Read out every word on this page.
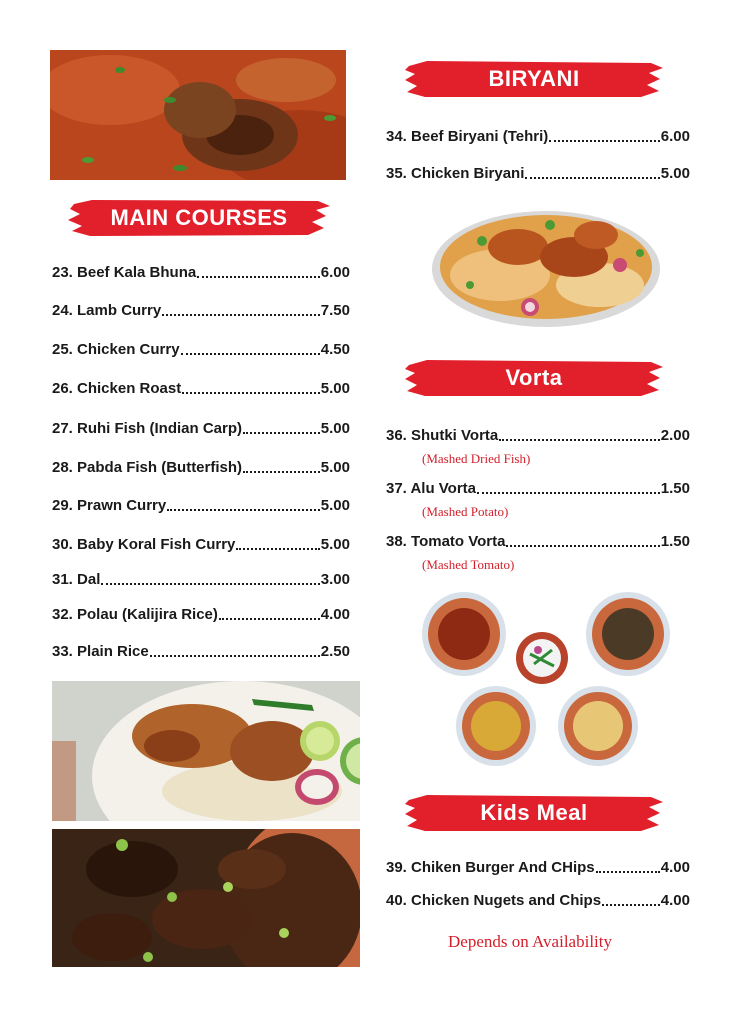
MAIN COURSES
23. Beef Kala Bhuna	6.00
24. Lamb Curry	7.50
25. Chicken Curry	4.50
26. Chicken Roast	5.00
27. Ruhi Fish (Indian Carp)	5.00
28. Pabda Fish (Butterfish)	5.00
29. Prawn Curry	5.00
30. Baby Koral Fish Curry	5.00
31. Dal	3.00
32. Polau (Kalijira Rice)	4.00
33. Plain Rice	2.50
BIRYANI
34. Beef Biryani (Tehri)	6.00
35. Chicken Biryani	5.00
Vorta
36. Shutki Vorta	2.00
(Mashed Dried Fish)
37. Alu Vorta	1.50
(Mashed Potato)
38. Tomato Vorta	1.50
(Mashed Tomato)
Kids Meal
39. Chiken Burger And CHips	4.00
40. Chicken Nugets and Chips	4.00
Depends on Availability
